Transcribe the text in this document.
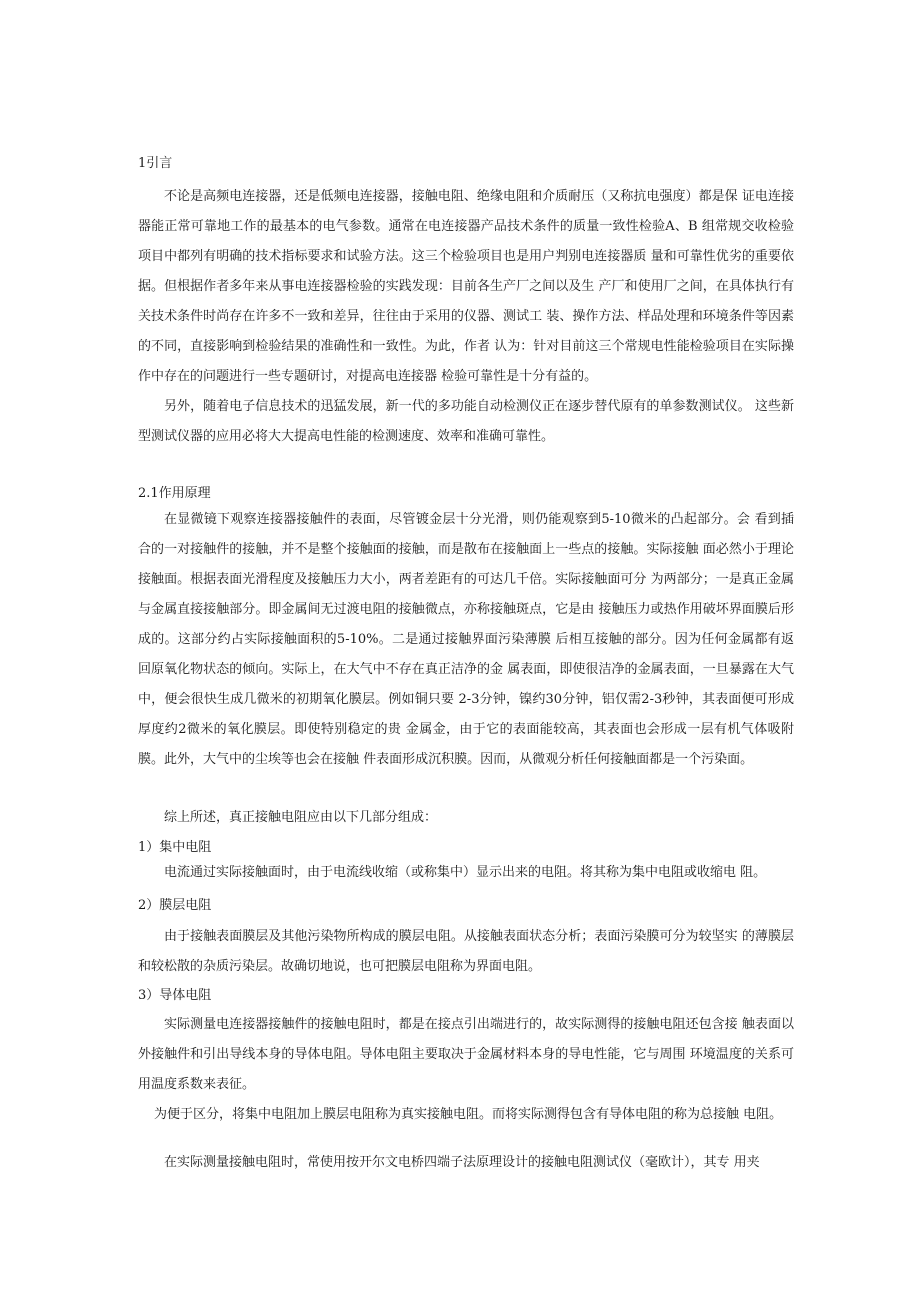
1引言

不论是高频电连接器，还是低频电连接器，接触电阻、绝缘电阻和介质耐压（又称抗电强度）都是保 证电连接器能正常可靠地工作的最基本的电气参数。通常在电连接器产品技术条件的质量一致性检验A、B 组常规交收检验项目中都列有明确的技术指标要求和试验方法。这三个检验项目也是用户判别电连接器质 量和可靠性优劣的重要依据。但根据作者多年来从事电连接器检验的实践发现：目前各生产厂之间以及生 产厂和使用厂之间，在具体执行有关技术条件时尚存在许多不一致和差异，往往由于采用的仪器、测试工 装、操作方法、样品处理和环境条件等因素的不同，直接影响到检验结果的准确性和一致性。为此，作者 认为：针对目前这三个常规电性能检验项目在实际操作中存在的问题进行一些专题研讨，对提高电连接器 检验可靠性是十分有益的。

另外，随着电子信息技术的迅猛发展，新一代的多功能自动检测仪正在逐步替代原有的单参数测试仪。 这些新型测试仪器的应用必将大大提高电性能的检测速度、效率和准确可靠性。

2.1作用原理

在显微镜下观察连接器接触件的表面，尽管镀金层十分光滑，则仍能观察到5-10微米的凸起部分。会 看到插合的一对接触件的接触，并不是整个接触面的接触，而是散布在接触面上一些点的接触。实际接触 面必然小于理论接触面。根据表面光滑程度及接触压力大小，两者差距有的可达几千倍。实际接触面可分 为两部分；一是真正金属与金属直接接触部分。即金属间无过渡电阻的接触微点，亦称接触斑点，它是由 接触压力或热作用破坏界面膜后形成的。这部分约占实际接触面积的5-10%。二是通过接触界面污染薄膜 后相互接触的部分。因为任何金属都有返回原氧化物状态的倾向。实际上，在大气中不存在真正洁净的金 属表面，即使很洁净的金属表面，一旦暴露在大气中，便会很快生成几微米的初期氧化膜层。例如铜只要 2-3分钟，镍约30分钟，铝仅需2-3秒钟，其表面便可形成厚度约2微米的氧化膜层。即使特别稳定的贵 金属金，由于它的表面能较高，其表面也会形成一层有机气体吸附膜。此外，大气中的尘埃等也会在接触 件表面形成沉积膜。因而，从微观分析任何接触面都是一个污染面。

综上所述，真正接触电阻应由以下几部分组成：

1）集中电阻

电流通过实际接触面时，由于电流线收缩（或称集中）显示出来的电阻。将其称为集中电阻或收缩电 阻。

2）膜层电阻

由于接触表面膜层及其他污染物所构成的膜层电阻。从接触表面状态分析；表面污染膜可分为较坚实 的薄膜层和较松散的杂质污染层。故确切地说，也可把膜层电阻称为界面电阻。

3）导体电阻

实际测量电连接器接触件的接触电阻时，都是在接点引出端进行的，故实际测得的接触电阻还包含接 触表面以外接触件和引出导线本身的导体电阻。导体电阻主要取决于金属材料本身的导电性能，它与周围 环境温度的关系可用温度系数来表征。

为便于区分，将集中电阻加上膜层电阻称为真实接触电阻。而将实际测得包含有导体电阻的称为总接触 电阻。

在实际测量接触电阻时，常使用按开尔文电桥四端子法原理设计的接触电阻测试仪（毫欧计），其专 用夹
